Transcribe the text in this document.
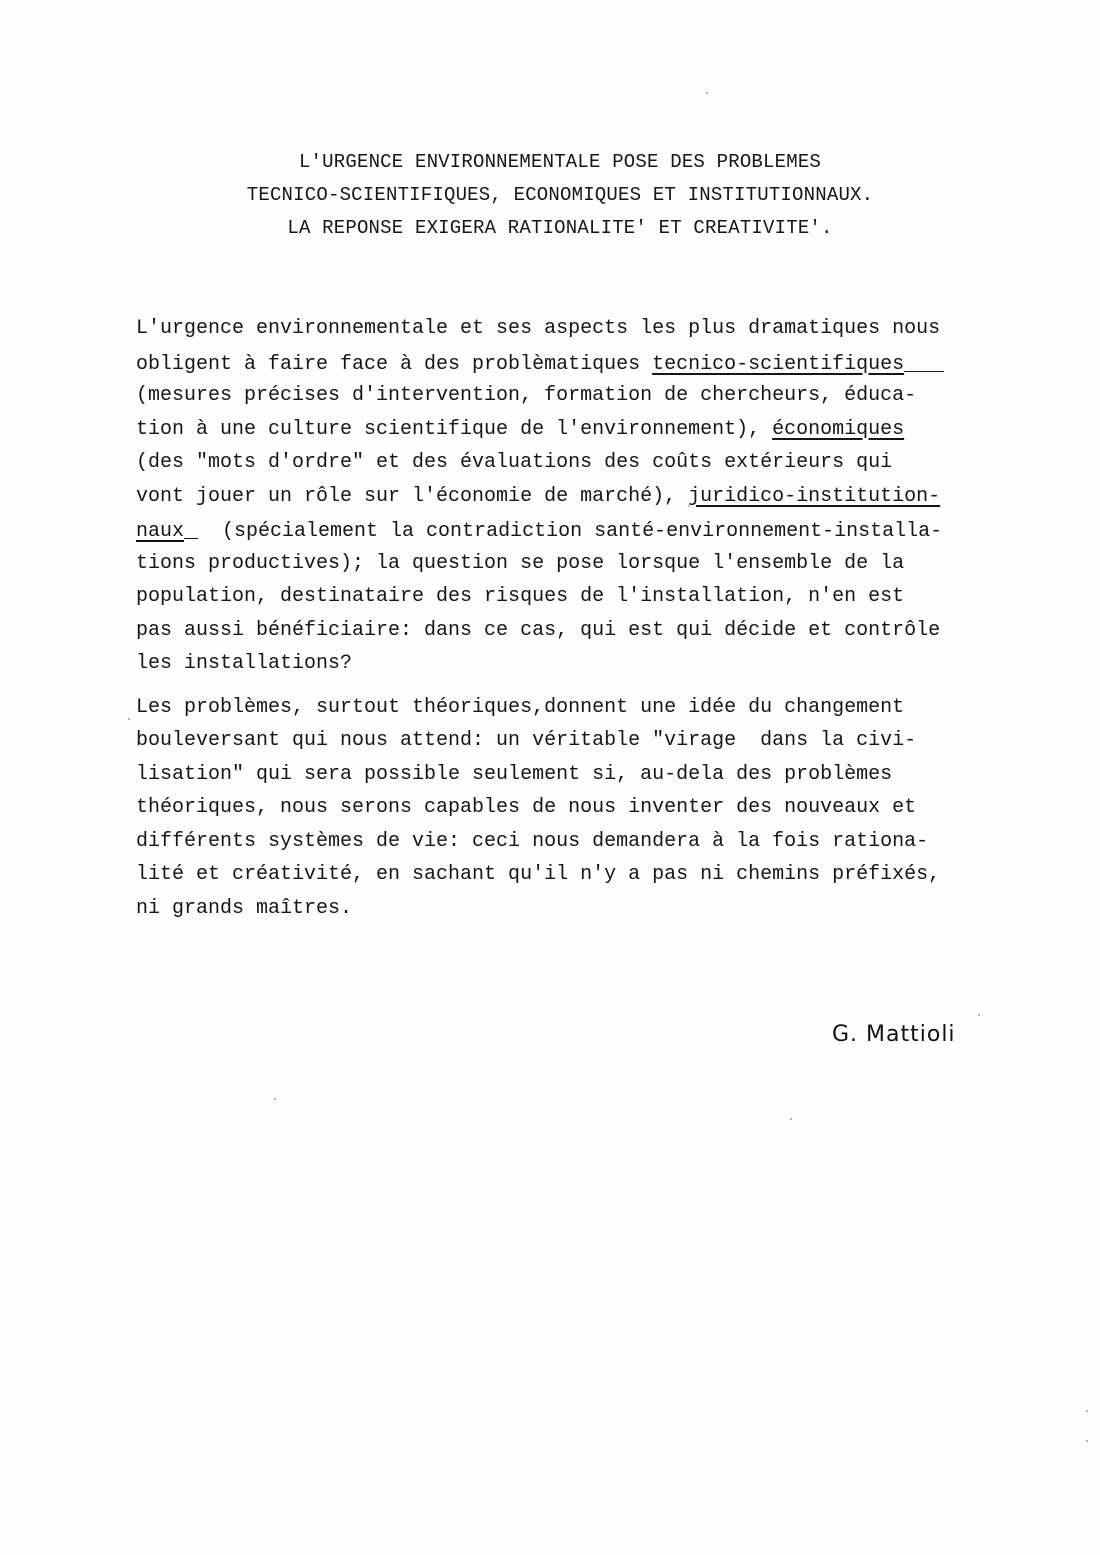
L'URGENCE ENVIRONNEMENTALE POSE DES PROBLEMES
TECNICO-SCIENTIFIQUES, ECONOMIQUES ET INSTITUTIONNAUX.
LA REPONSE EXIGERA RATIONALITE' ET CREATIVITE'.
L'urgence environnementale et ses aspects les plus dramatiques nous
obligent à faire face à des problèmatiques tecnico-scientifiques
(mesures précises d'intervention, formation de chercheurs, éduca-
tion à une culture scientifique de l'environnement), économiques
(des "mots d'ordre" et des évaluations des coûts extérieurs qui
vont jouer un rôle sur l'économie de marché), juridico-institution-
naux  (spécialement la contradiction santé-environnement-installa-
tions productives); la question se pose lorsque l'ensemble de la
population, destinataire des risques de l'installation, n'en est
pas aussi bénéficiaire: dans ce cas, qui est qui décide et contrôle
les installations?
Les problèmes, surtout théoriques,donnent une idée du changement
bouleversant qui nous attend: un véritable "virage  dans la civi-
lisation" qui sera possible seulement si, au-dela des problèmes
théoriques, nous serons capables de nous inventer des nouveaux et
différents systèmes de vie: ceci nous demandera à la fois rationa-
lité et créativité, en sachant qu'il n'y a pas ni chemins préfixés,
ni grands maîtres.
G. Mattioli
